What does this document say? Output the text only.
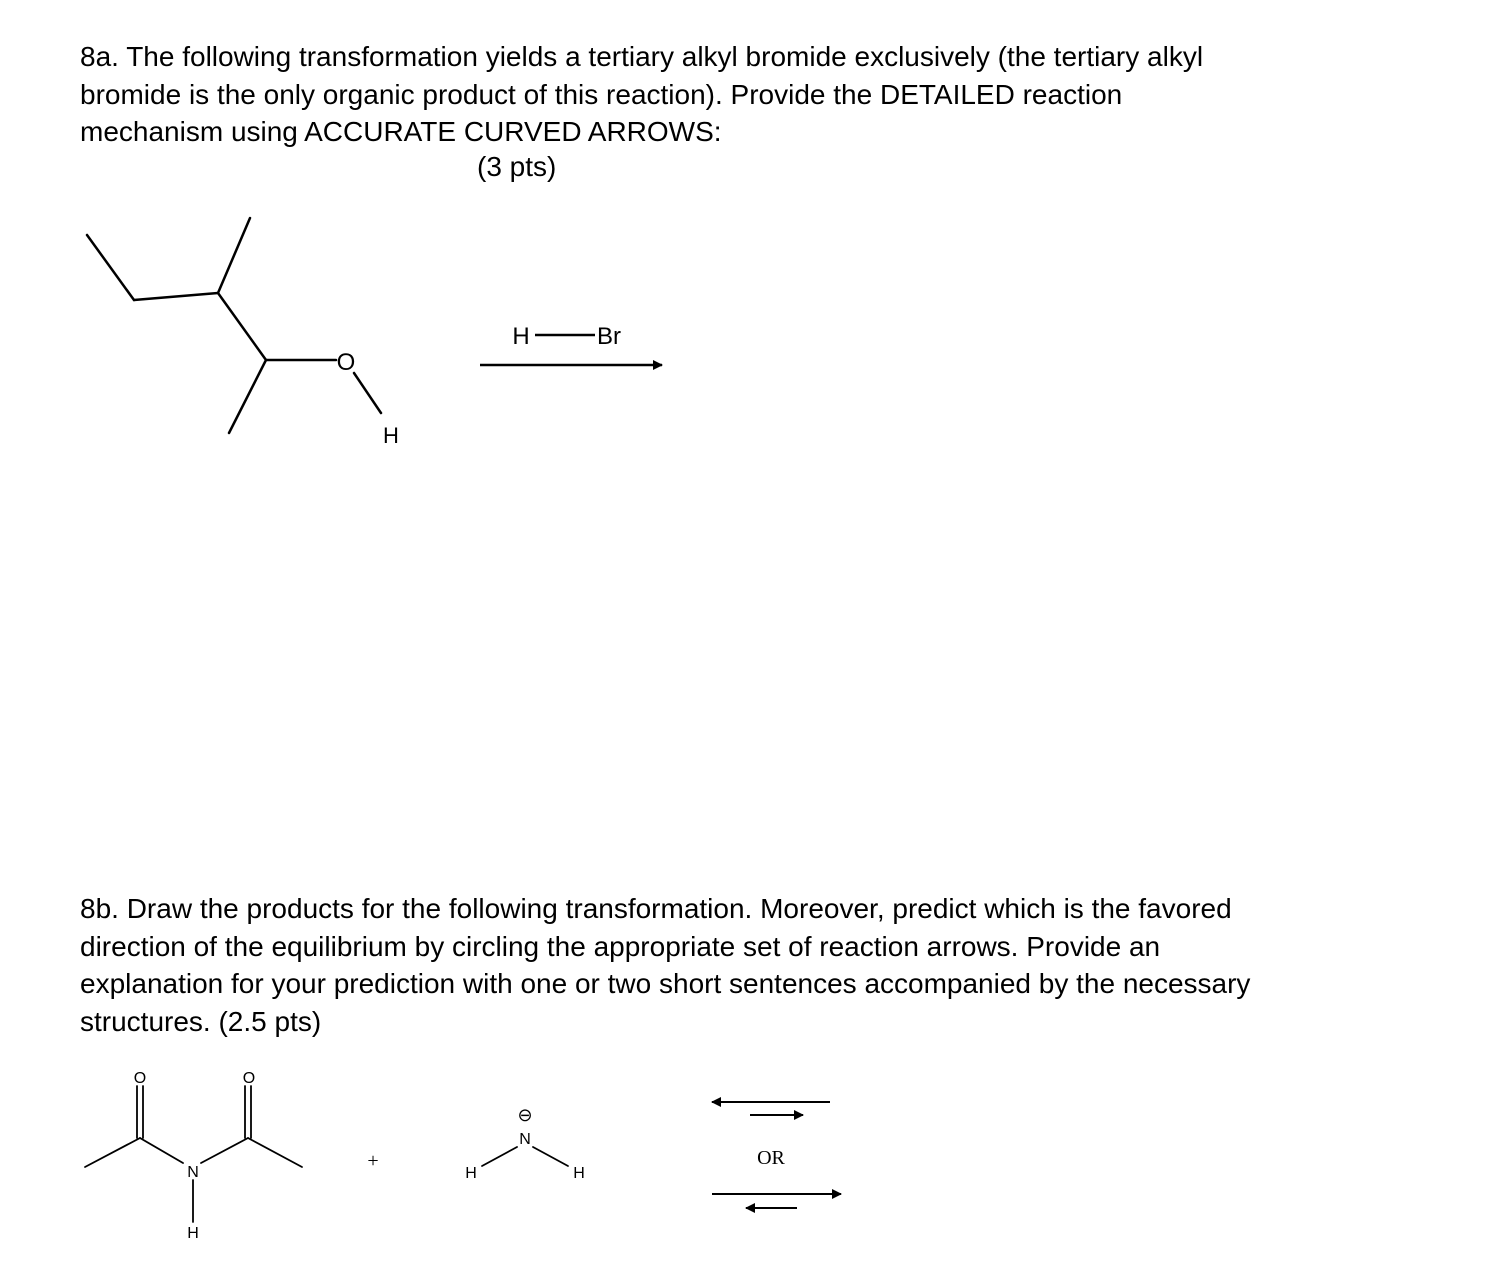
8a. The following transformation yields a tertiary alkyl bromide exclusively (the tertiary alkyl
bromide is the only organic product of this reaction). Provide the DETAILED reaction
mechanism using ACCURATE CURVED ARROWS:
(3 pts)
8b. Draw the products for the following transformation. Moreover, predict which is the favored
direction of the equilibrium by circling the appropriate set of reaction arrows. Provide an
explanation for your prediction with one or two short sentences accompanied by the necessary
structures. (2.5 pts)
O
H
H	Br
O	O
N
H
+
⊖
N
H	H
OR
